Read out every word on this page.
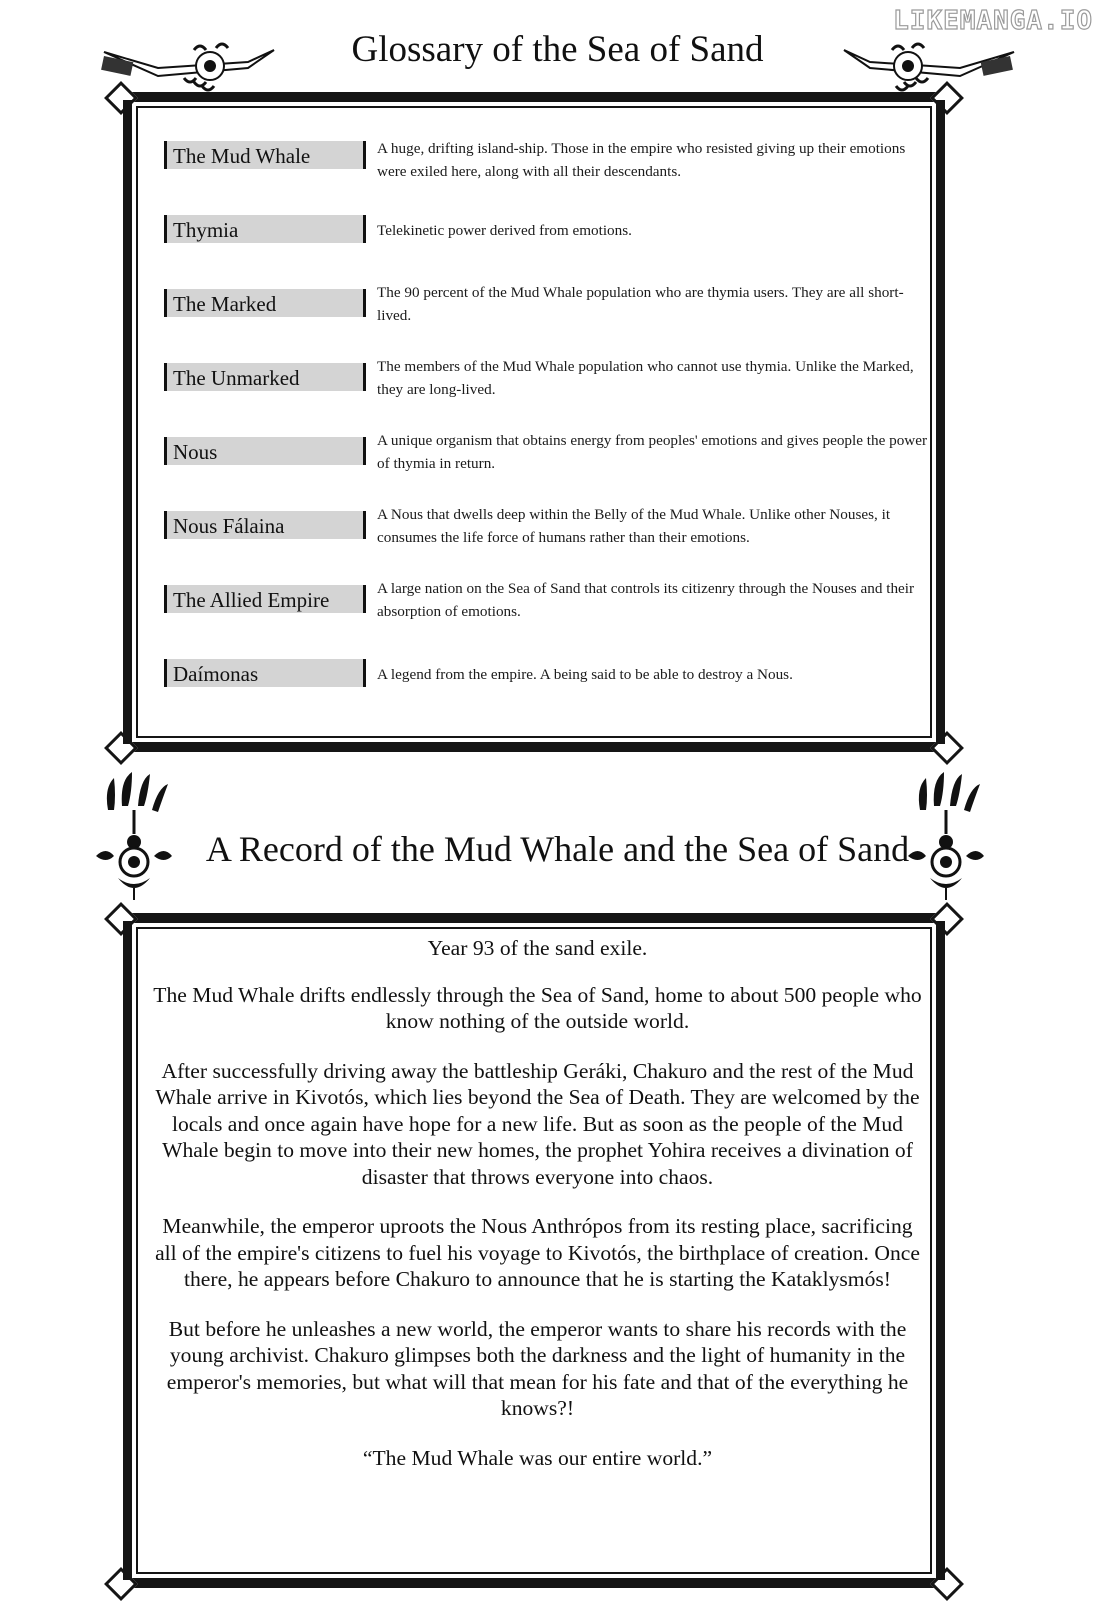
LIKEMANGA.IO
Glossary of the Sea of Sand
The Mud Whale	A huge, drifting island-ship. Those in the empire who resisted giving up their emotions were exiled here, along with all their descendants.
Thymia	Telekinetic power derived from emotions.
The Marked	The 90 percent of the Mud Whale population who are thymia users. They are all short-lived.
The Unmarked	The members of the Mud Whale population who cannot use thymia. Unlike the Marked, they are long-lived.
Nous	A unique organism that obtains energy from peoples' emotions and gives people the power of thymia in return.
Nous Fálaina	A Nous that dwells deep within the Belly of the Mud Whale. Unlike other Nouses, it consumes the life force of humans rather than their emotions.
The Allied Empire	A large nation on the Sea of Sand that controls its citizenry through the Nouses and their absorption of emotions.
Daímonas	A legend from the empire. A being said to be able to destroy a Nous.
A Record of the Mud Whale and the Sea of Sand

Year 93 of the sand exile.

The Mud Whale drifts endlessly through the Sea of Sand, home to about 500 people who know nothing of the outside world.

After successfully driving away the battleship Geráki, Chakuro and the rest of the Mud Whale arrive in Kivotós, which lies beyond the Sea of Death. They are welcomed by the locals and once again have hope for a new life. But as soon as the people of the Mud Whale begin to move into their new homes, the prophet Yohira receives a divination of disaster that throws everyone into chaos.

Meanwhile, the emperor uproots the Nous Anthrópos from its resting place, sacrificing all of the empire's citizens to fuel his voyage to Kivotós, the birthplace of creation. Once there, he appears before Chakuro to announce that he is starting the Kataklysmós!

But before he unleashes a new world, the emperor wants to share his records with the young archivist. Chakuro glimpses both the darkness and the light of humanity in the emperor's memories, but what will that mean for his fate and that of the everything he knows?!

“The Mud Whale was our entire world.”
